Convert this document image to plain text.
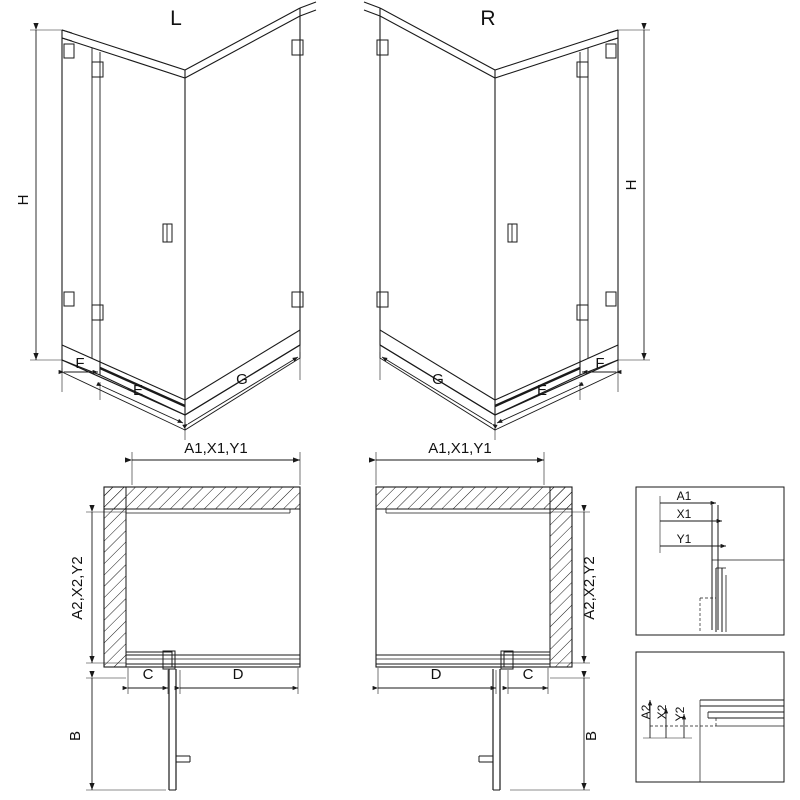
L	R
H
H
F
E
G
F
E
G
A1,X1,Y1	A1,X1,Y1
A2,X2,Y2	A2,X2,Y2
C	D	D	C
B	B
A1
X1
Y1
A2 X2 Y2
